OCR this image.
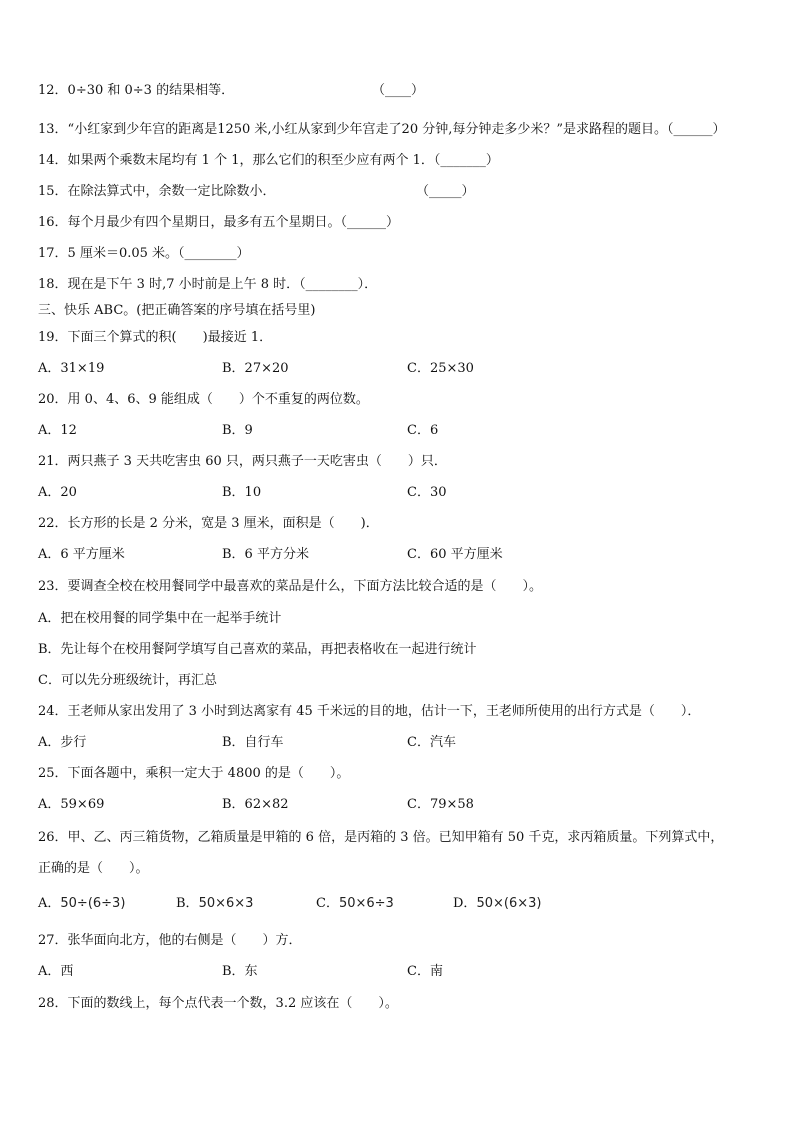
12．0÷30 和 0÷3 的结果相等．	（____）
13．“小红家到少年宫的距离是1250 米,小红从家到少年宫走了20 分钟,每分钟走多少米？”是求路程的题目。（______）
14．如果两个乘数末尾均有 1 个 1，那么它们的积至少应有两个 1．（_______）
15．在除法算式中，余数一定比除数小．	（_____）
16．每个月最少有四个星期日，最多有五个星期日。（______）
17．5 厘米＝0.05 米。（________）
18．现在是下午 3 时,7 小时前是上午 8 时．（________）．
三、快乐 ABC。(把正确答案的序号填在括号里)
19．下面三个算式的积(　　)最接近 1．
A．31×19	B．27×20	C．25×30
20．用 0、4、6、9 能组成（　　）个不重复的两位数。
A．12	B．9	C．6
21．两只燕子 3 天共吃害虫 60 只，两只燕子一天吃害虫（　　）只．
A．20	B．10	C．30
22．长方形的长是 2 分米，宽是 3 厘米，面积是（　　)．
A．6 平方厘米	B．6 平方分米	C．60 平方厘米
23．要调查全校在校用餐同学中最喜欢的菜品是什么，下面方法比较合适的是（　　）。
A．把在校用餐的同学集中在一起举手统计
B．先让每个在校用餐阿学填写自己喜欢的菜品，再把表格收在一起进行统计
C．可以先分班级统计，再汇总
24．王老师从家出发用了 3 小时到达离家有 45 千米远的目的地，估计一下，王老师所使用的出行方式是（　　）．
A．步行	B．自行车	C．汽车
25．下面各题中，乘积一定大于 4800 的是（　　）。
A．59×69	B．62×82	C．79×58
26．甲、乙、丙三箱货物，乙箱质量是甲箱的 6 倍，是丙箱的 3 倍。已知甲箱有 50 千克，求丙箱质量。下列算式中，
正确的是（　　）。
A．50÷(6÷3)	B．50×6×3	C．50×6÷3	D．50×(6×3)
27．张华面向北方，他的右侧是（　　）方．
A．西	B．东	C．南
28．下面的数线上，每个点代表一个数，3.2 应该在（　　）。
